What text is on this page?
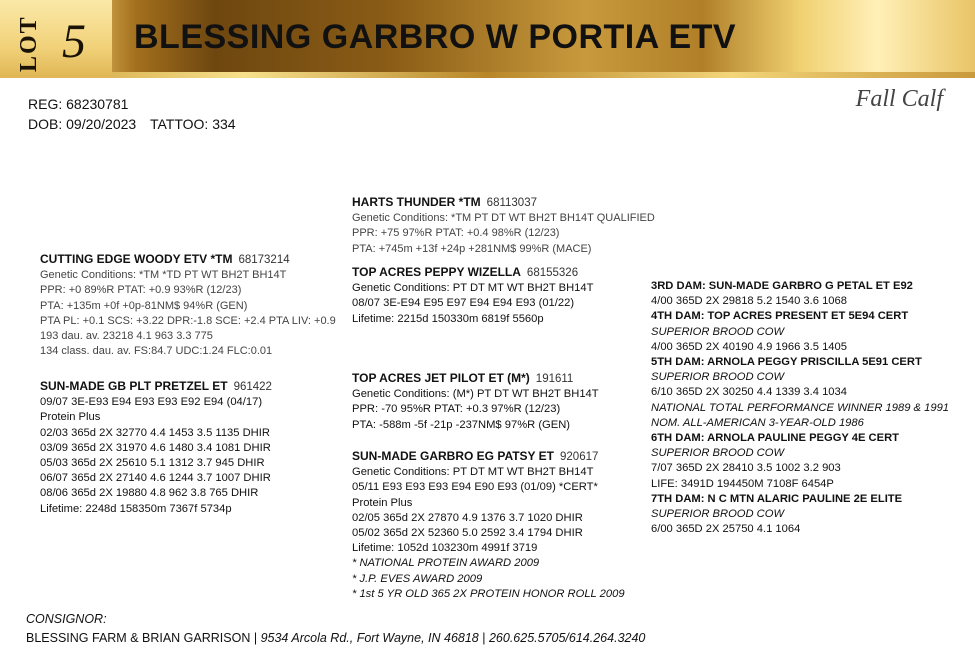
LOT 5 BLESSING GARBRO W PORTIA ETV
REG: 68230781
DOB: 09/20/2023 TATTOO: 334
Fall Calf
HARTS THUNDER *TM 68113037
Genetic Conditions: *TM PT DT WT BH2T BH14T QUALIFIED
PPR: +75 97%R PTAT: +0.4 98%R (12/23)
PTA: +745m +13f +24p +281NM$ 99%R (MACE)
CUTTING EDGE WOODY ETV *TM 68173214
Genetic Conditions: *TM *TD PT WT BH2T BH14T
PPR: +0 89%R PTAT: +0.9 93%R (12/23)
PTA: +135m +0f +0p-81NM$ 94%R (GEN)
PTA PL: +0.1 SCS: +3.22 DPR:-1.8 SCE: +2.4 PTA LIV: +0.9
193 dau. av. 23218 4.1 963 3.3 775
134 class. dau. av. FS:84.7 UDC:1.24 FLC:0.01
TOP ACRES PEPPY WIZELLA 68155326
Genetic Conditions: PT DT MT WT BH2T BH14T
08/07 3E-E94 E95 E97 E94 E94 E93 (01/22)
Lifetime: 2215d 150330m 6819f 5560p
SUN-MADE GB PLT PRETZEL ET 961422
09/07 3E-E93 E94 E93 E93 E92 E94 (04/17)
Protein Plus
02/03 365d 2X 32770 4.4 1453 3.5 1135 DHIR
03/09 365d 2X 31970 4.6 1480 3.4 1081 DHIR
05/03 365d 2X 25610 5.1 1312 3.7 945 DHIR
06/07 365d 2X 27140 4.6 1244 3.7 1007 DHIR
08/06 365d 2X 19880 4.8 962 3.8 765 DHIR
Lifetime: 2248d 158350m 7367f 5734p
TOP ACRES JET PILOT ET (M*) 191611
Genetic Conditions: (M*) PT DT WT BH2T BH14T
PPR: -70 95%R PTAT: +0.3 97%R (12/23)
PTA: -588m -5f -21p -237NM$ 97%R (GEN)
SUN-MADE GARBRO EG PATSY ET 920617
Genetic Conditions: PT DT MT WT BH2T BH14T
05/11 E93 E93 E93 E94 E90 E93 (01/09) *CERT*
Protein Plus
02/05 365d 2X 27870 4.9 1376 3.7 1020 DHIR
05/02 365d 2X 52360 5.0 2592 3.4 1794 DHIR
Lifetime: 1052d 103230m 4991f 3719
* NATIONAL PROTEIN AWARD 2009
* J.P. EVES AWARD 2009
* 1st 5 YR OLD 365 2X PROTEIN HONOR ROLL 2009
3RD DAM: SUN-MADE GARBRO G PETAL ET E92
4/00 365D 2X 29818 5.2 1540 3.6 1068
4TH DAM: TOP ACRES PRESENT ET 5E94 CERT
SUPERIOR BROOD COW
4/00 365D 2X 40190 4.9 1966 3.5 1405
5TH DAM: ARNOLA PEGGY PRISCILLA 5E91 CERT
SUPERIOR BROOD COW
6/10 365D 2X 30250 4.4 1339 3.4 1034
NATIONAL TOTAL PERFORMANCE WINNER 1989 & 1991
NOM. ALL-AMERICAN 3-YEAR-OLD 1986
6TH DAM: ARNOLA PAULINE PEGGY 4E CERT
SUPERIOR BROOD COW
7/07 365D 2X 28410 3.5 1002 3.2 903
LIFE: 3491D 194450M 7108F 6454P
7TH DAM: N C MTN ALARIC PAULINE 2E ELITE
SUPERIOR BROOD COW
6/00 365D 2X 25750 4.1 1064
CONSIGNOR:
BLESSING FARM & BRIAN GARRISON | 9534 Arcola Rd., Fort Wayne, IN 46818 | 260.625.5705/614.264.3240
